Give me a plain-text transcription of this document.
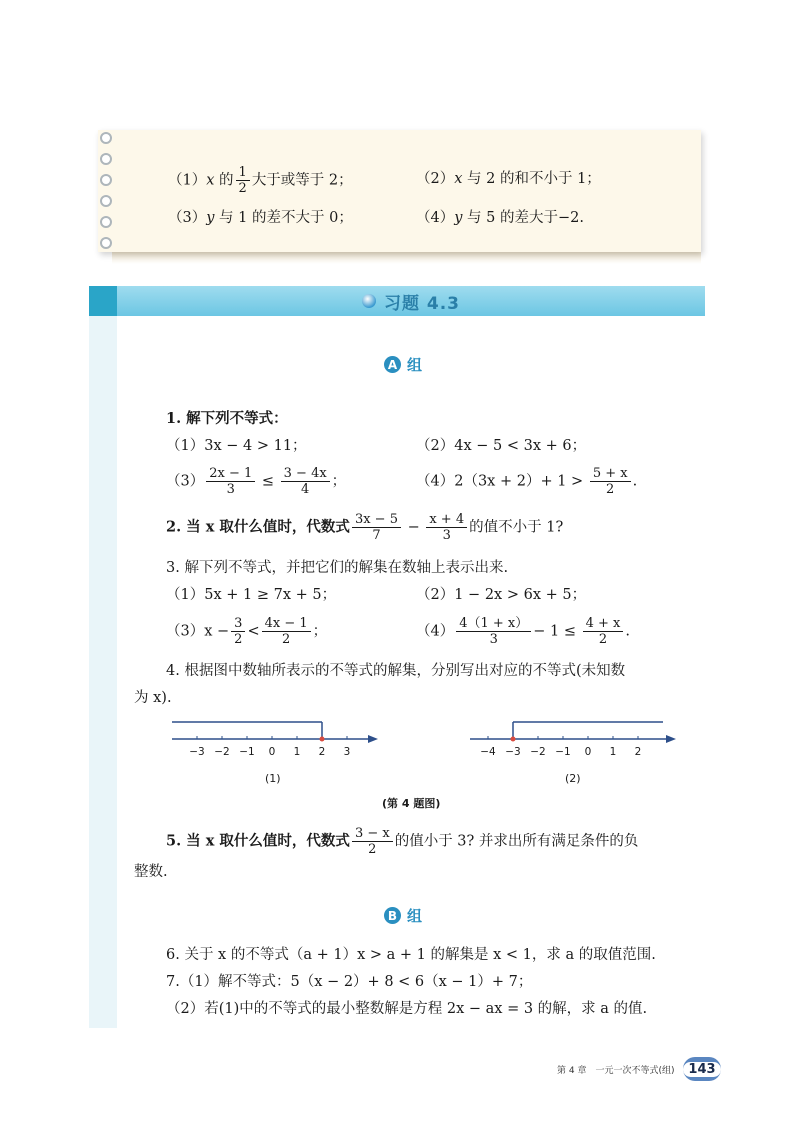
（1）x 的 $\frac{1}{2}$ 大于或等于 2；	（2）x 与 2 的和不小于 1；
（3）y 与 1 的差不大于 0；	（4）y 与 5 的差大于−2.
习题 4.3
A 组
1. 解下列不等式：
（1）3x − 4 > 11；	（2）4x − 5 < 3x + 6；
$(3) \frac{2x - 1}{3} \le \frac{3 - 4x}{4}$ ；	$(4)2(3x + 2)+ 1 > \frac{5 + x}{2}$ .
2. 当 x 取什么值时，代数式 $\frac{3x - 5}{7} - \frac{x + 4}{3}$ 的值不小于 1?
3. 解下列不等式，并把它们的解集在数轴上表示出来.
（1）5x + 1 ≥ 7x + 5；	（2）1 − 2x > 6x + 5；
$(3)x - \frac{3}{2} < \frac{4x - 1}{2}$ ；	$(4) \frac{4(1 + x)}{3} - 1 \le \frac{4 + x}{2}$ .
4. 根据图中数轴所表示的不等式的解集，分别写出对应的不等式(未知数
为 x).
−3 −2 −1 0 1 2 3
(1)
−4 −3 −2 −1 0 1 2
(2)
(第 4 题图)
5. 当 x 取什么值时，代数式 $\frac{3 - x}{2}$ 的值小于 3? 并求出所有满足条件的负
整数.
B 组
6. 关于 x 的不等式（a + 1）x > a + 1 的解集是 x < 1，求 a 的取值范围.
7.（1）解不等式：5（x − 2）+ 8 < 6（x − 1）+ 7；
（2）若(1)中的不等式的最小整数解是方程 2x − ax = 3 的解，求 a 的值.
第 4 章　一元一次不等式(组)	143
